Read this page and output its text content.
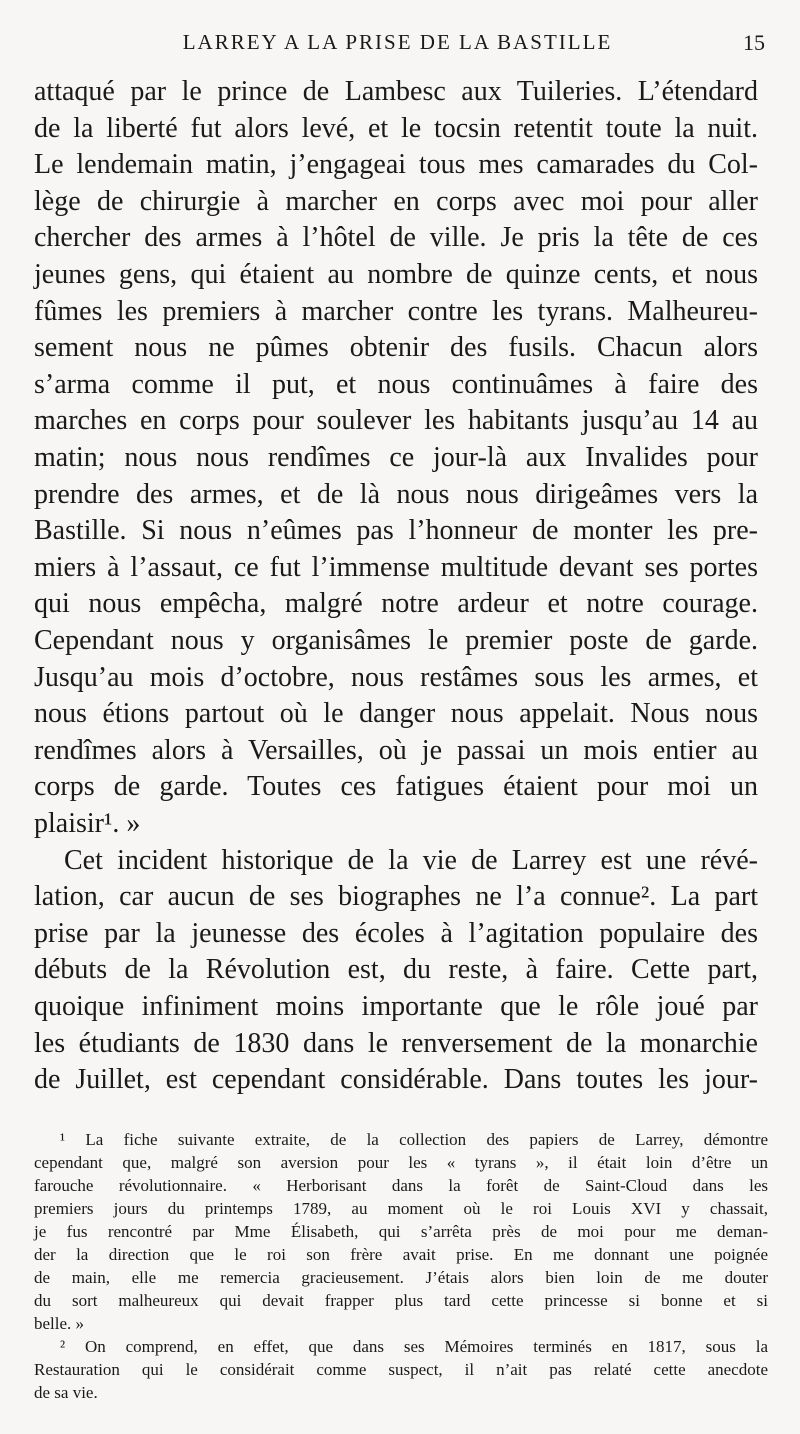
LARREY A LA PRISE DE LA BASTILLE	15
attaqué par le prince de Lambesc aux Tuileries. L’étendard
de la liberté fut alors levé, et le tocsin retentit toute la nuit.
Le lendemain matin, j’engageai tous mes camarades du Col-
lège de chirurgie à marcher en corps avec moi pour aller
chercher des armes à l’hôtel de ville. Je pris la tête de ces
jeunes gens, qui étaient au nombre de quinze cents, et nous
fûmes les premiers à marcher contre les tyrans. Malheureu-
sement nous ne pûmes obtenir des fusils. Chacun alors
s’arma comme il put, et nous continuâmes à faire des
marches en corps pour soulever les habitants jusqu’au 14 au
matin; nous nous rendîmes ce jour-là aux Invalides pour
prendre des armes, et de là nous nous dirigeâmes vers la
Bastille. Si nous n’eûmes pas l’honneur de monter les pre-
miers à l’assaut, ce fut l’immense multitude devant ses portes
qui nous empêcha, malgré notre ardeur et notre courage.
Cependant nous y organisâmes le premier poste de garde.
Jusqu’au mois d’octobre, nous restâmes sous les armes, et
nous étions partout où le danger nous appelait. Nous nous
rendîmes alors à Versailles, où je passai un mois entier au
corps de garde. Toutes ces fatigues étaient pour moi un
plaisir¹. »
Cet incident historique de la vie de Larrey est une révé-
lation, car aucun de ses biographes ne l’a connue². La part
prise par la jeunesse des écoles à l’agitation populaire des
débuts de la Révolution est, du reste, à faire. Cette part,
quoique infiniment moins importante que le rôle joué par
les étudiants de 1830 dans le renversement de la monarchie
de Juillet, est cependant considérable. Dans toutes les jour-
¹ La fiche suivante extraite, de la collection des papiers de Larrey, démontre
cependant que, malgré son aversion pour les « tyrans », il était loin d’être un
farouche révolutionnaire. « Herborisant dans la forêt de Saint-Cloud dans les
premiers jours du printemps 1789, au moment où le roi Louis XVI y chassait,
je fus rencontré par Mme Élisabeth, qui s’arrêta près de moi pour me deman-
der la direction que le roi son frère avait prise. En me donnant une poignée
de main, elle me remercia gracieusement. J’étais alors bien loin de me douter
du sort malheureux qui devait frapper plus tard cette princesse si bonne et si
belle. »
² On comprend, en effet, que dans ses Mémoires terminés en 1817, sous la
Restauration qui le considérait comme suspect, il n’ait pas relaté cette anecdote
de sa vie.
